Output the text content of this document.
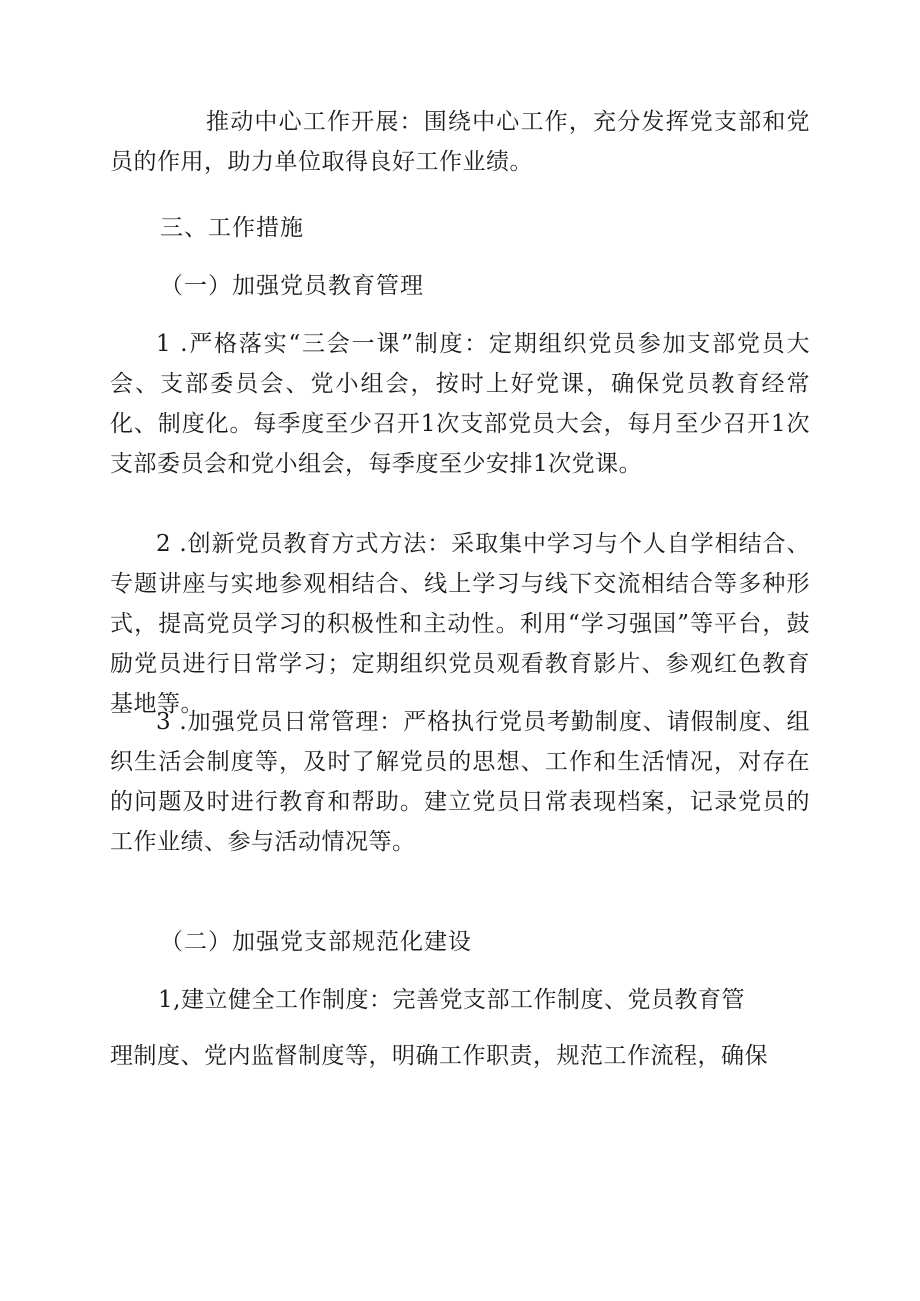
推动中心工作开展：围绕中心工作，充分发挥党支部和党员的作用，助力单位取得良好工作业绩。

三、工作措施

（一）加强党员教育管理

1 .严格落实“三会一课”制度：定期组织党员参加支部党员大会、支部委员会、党小组会，按时上好党课，确保党员教育经常化、制度化。每季度至少召开1次支部党员大会，每月至少召开1次支部委员会和党小组会，每季度至少安排1次党课。

2 .创新党员教育方式方法：采取集中学习与个人自学相结合、专题讲座与实地参观相结合、线上学习与线下交流相结合等多种形式，提高党员学习的积极性和主动性。利用“学习强国”等平台，鼓励党员进行日常学习；定期组织党员观看教育影片、参观红色教育基地等。

3 .加强党员日常管理：严格执行党员考勤制度、请假制度、组织生活会制度等，及时了解党员的思想、工作和生活情况，对存在的问题及时进行教育和帮助。建立党员日常表现档案，记录党员的工作业绩、参与活动情况等。

（二）加强党支部规范化建设

1,建立健全工作制度：完善党支部工作制度、党员教育管

理制度、党内监督制度等，明确工作职责，规范工作流程，确保
